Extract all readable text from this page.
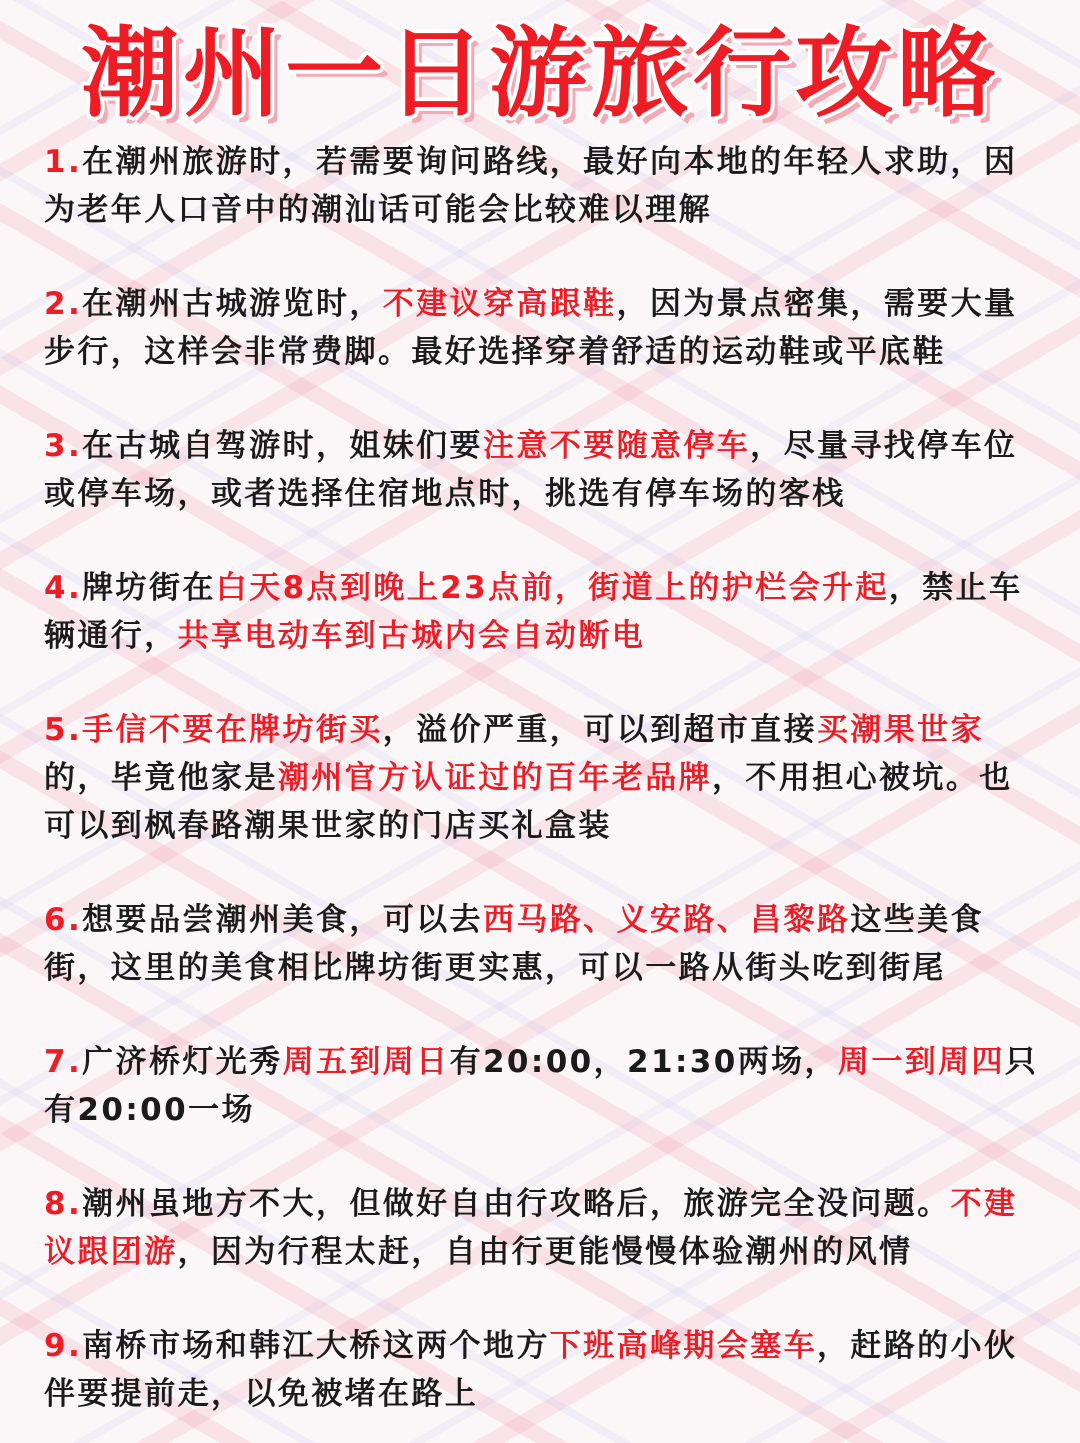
潮州一日游旅行攻略
1.在潮州旅游时，若需要询问路线，最好向本地的年轻人求助，因为老年人口音中的潮汕话可能会比较难以理解
2.在潮州古城游览时，不建议穿高跟鞋，因为景点密集，需要大量步行，这样会非常费脚。最好选择穿着舒适的运动鞋或平底鞋
3.在古城自驾游时，姐妹们要注意不要随意停车，尽量寻找停车位或停车场，或者选择住宿地点时，挑选有停车场的客栈
4.牌坊街在白天8点到晚上23点前，街道上的护栏会升起，禁止车辆通行，共享电动车到古城内会自动断电
5.手信不要在牌坊街买，溢价严重，可以到超市直接买潮果世家的，毕竟他家是潮州官方认证过的百年老品牌，不用担心被坑。也可以到枫春路潮果世家的门店买礼盒装
6.想要品尝潮州美食，可以去西马路、义安路、昌黎路这些美食街，这里的美食相比牌坊街更实惠，可以一路从街头吃到街尾
7.广济桥灯光秀周五到周日有20:00，21:30两场，周一到周四只有20:00一场
8.潮州虽地方不大，但做好自由行攻略后，旅游完全没问题。不建议跟团游，因为行程太赶，自由行更能慢慢体验潮州的风情
9.南桥市场和韩江大桥这两个地方下班高峰期会塞车，赶路的小伙伴要提前走，以免被堵在路上
